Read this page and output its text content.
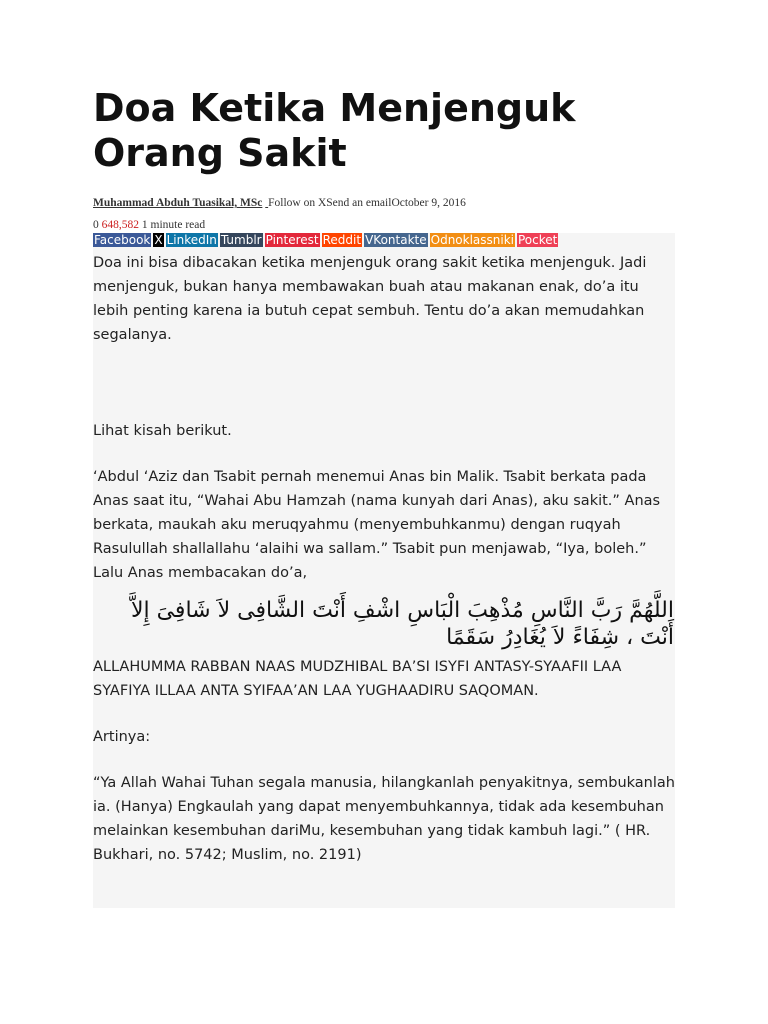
Doa Ketika Menjenguk Orang Sakit
Muhammad Abduh Tuasikal, MSc Follow on XSend an emailOctober 9, 2016
0 648,582 1 minute read
Facebook X LinkedIn Tumblr Pinterest Reddit VKontakte Odnoklassniki Pocket

Doa ini bisa dibacakan ketika menjenguk orang sakit ketika menjenguk. Jadi menjenguk, bukan hanya membawakan buah atau makanan enak, do’a itu lebih penting karena ia butuh cepat sembuh. Tentu do’a akan memudahkan segalanya.

Lihat kisah berikut.

‘Abdul ‘Aziz dan Tsabit pernah menemui Anas bin Malik. Tsabit berkata pada Anas saat itu, “Wahai Abu Hamzah (nama kunyah dari Anas), aku sakit.” Anas berkata, maukah aku meruqyahmu (menyembuhkanmu) dengan ruqyah Rasulullah shallallahu ‘alaihi wa sallam.” Tsabit pun menjawab, “Iya, boleh.” Lalu Anas membacakan do’a,

اللَّهُمَّ رَبَّ النَّاسِ مُذْهِبَ الْبَاسِ اشْفِ أَنْتَ الشَّافِى لاَ شَافِىَ إِلاَّ أَنْتَ ، شِفَاءً لاَ يُغَادِرُ سَقَمًا

ALLAHUMMA RABBAN NAAS MUDZHIBAL BA’SI ISYFI ANTASY-SYAAFII LAA SYAFIYA ILLAA ANTA SYIFAA’AN LAA YUGHAADIRU SAQOMAN.

Artinya:

“Ya Allah Wahai Tuhan segala manusia, hilangkanlah penyakitnya, sembukanlah ia. (Hanya) Engkaulah yang dapat menyembuhkannya, tidak ada kesembuhan melainkan kesembuhan dariMu, kesembuhan yang tidak kambuh lagi.” ( HR. Bukhari, no. 5742; Muslim, no. 2191)
